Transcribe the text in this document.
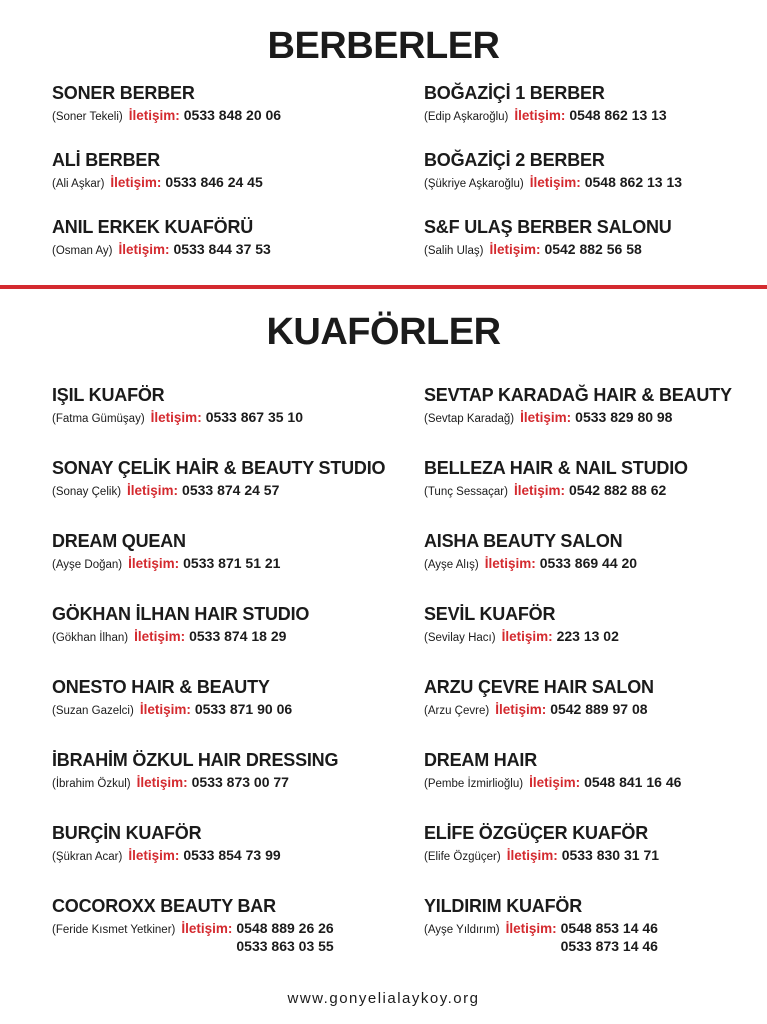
BERBERLER
SONER BERBER
(Soner Tekeli) İletişim: 0533 848 20 06
ALİ BERBER
(Ali Aşkar) İletişim: 0533 846 24 45
ANIL ERKEK KUAFÖRÜ
(Osman Ay) İletişim: 0533 844 37 53
BOĞAZİÇİ 1 BERBER
(Edip Aşkaroğlu) İletişim: 0548 862 13 13
BOĞAZİÇİ 2 BERBER
(Şükriye Aşkaroğlu) İletişim: 0548 862 13 13
S&F ULAŞ BERBER SALONU
(Salih Ulaş) İletişim: 0542 882 56 58
KUAFÖRLER
IŞIL KUAFÖR
(Fatma Gümüşay) İletişim: 0533 867 35 10
SONAY ÇELİK HAİR & BEAUTY STUDIO
(Sonay Çelik) İletişim: 0533 874 24 57
DREAM QUEAN
(Ayşe Doğan) İletişim: 0533 871 51 21
GÖKHAN İLHAN HAIR STUDIO
(Gökhan İlhan) İletişim: 0533 874 18 29
ONESTO HAIR & BEAUTY
(Suzan Gazelci) İletişim: 0533 871 90 06
İBRAHİM ÖZKUL HAIR DRESSING
(İbrahim Özkul) İletişim: 0533 873 00 77
BURÇİN KUAFÖR
(Şükran Acar) İletişim: 0533 854 73 99
COCOROXX BEAUTY BAR
(Feride Kısmet Yetkiner) İletişim: 0548 889 26 26
0533 863 03 55
SEVTAP KARADAĞ HAIR & BEAUTY
(Sevtap Karadağ) İletişim: 0533 829 80 98
BELLEZA HAIR & NAIL STUDIO
(Tunç Sessaçar) İletişim: 0542 882 88 62
AISHA BEAUTY SALON
(Ayşe Alış) İletişim: 0533 869 44 20
SEVİL KUAFÖR
(Sevilay Hacı) İletişim: 223 13 02
ARZU ÇEVRE HAIR SALON
(Arzu Çevre) İletişim: 0542 889 97 08
DREAM HAIR
(Pembe İzmirlioğlu) İletişim: 0548 841 16 46
ELİFE ÖZGÜÇER KUAFÖR
(Elife Özgüçer) İletişim: 0533 830 31 71
YILDIRIM KUAFÖR
(Ayşe Yıldırım) İletişim: 0548 853 14 46
0533 873 14 46
www.gonyelialaykoy.org
